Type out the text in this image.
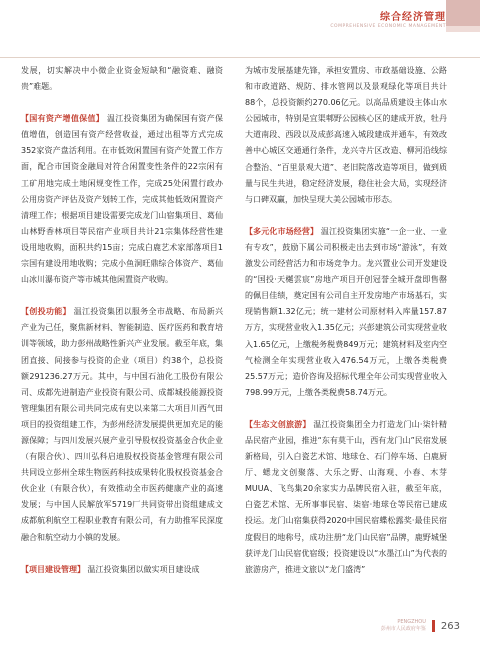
综合经济管理
COMPREHENSIVE ECONOMIC MANAGEMENT

发展，切实解决中小微企业资金短缺和“融资难、融资贵”难题。

【国有资产增值保值】 温江投资集团为确保国有资产保值增值，创造国有资产经营收益，通过出租等方式完成352家资产盘活利用。在市低效闲置国有资产处置工作方面，配合市国资金融局对符合闲置变性条件的22宗闲有工矿用地完成土地闲规变性工作，完成25处闲置行政办公用房资产评估及资产划转工作，完成其他低效闲置资产清理工作；根据项目建设需要完成龙门山宿集项目、葛仙山林野香林项目等民宿产业项目共计21宗集体经营性建设用地收购，面积共约15亩；完成白鹿艺术家部落项目1宗国有建设用地收购；完成小鱼洞旺鼎综合体资产、葛仙山冰川瀑布资产等市城其他闲置资产收购。

【创投功能】 温江投资集团以服务全市战略、布局新兴产业为己任，聚焦新材料、智能制造、医疗医药和教育培训等领域，助力彭州战略性新兴产业发展。截至年底，集团直接、间接参与投资的企业（项目）约38个，总投资额291236.27万元。其中，与中国石油化工股份有限公司、成都先进制造产业投资有限公司、成都城投能源投资管理集团有限公司共同完成有史以来第二大项目川西气田项目的投资组建工作，为彭州经济发展提供更加充足的能源保障；与四川发展兴展产业引导股权投资基金合伙企业（有限合伙）、四川弘科启迪股权投资基金管理有限公司共同设立彭州全球生物医药科技成果转化股权投资基金合伙企业（有限合伙），有效推动全市医药健康产业的高速发展；与中国人民解放军5719厂共同资带出资组建成文成都航利航空工程职业教育有限公司，有力助推军民深度融合和航空动力小镇的发展。

【项目建设管理】 温江投资集团以做实项目建设成

为城市发展基建先锋，承担安置房、市政基础设施、公路和市政道路、规防、排水管网以及景观绿化等项目共计88个，总投资额约270.06亿元。以高品质建设主体山水公园城市，特别是宜渠郫野公园核心区的建成开放，牡丹大道南段、西段以及成彭高速入城段建成并通车，有效改善中心城区交通通行条件，龙兴寺片区改造、柳河沿线综合整治、“百里景观大道”、老旧院落改造等项目，做到质量与民生共进，稳定经济发展，稳住社会大局，实现经济与口碑双赢，加快呈现大美公园城市形态。

【多元化市场经营】 温江投资集团实施“一企一业、一业有专攻”，鼓励下属公司积极走出去到市场“游泳”，有效激发公司经营活力和市场竞争力。龙兴置业公司开发建设的“国投·天樾雲宸”房地产项目开创冠誉全城开盘即售罄的佩目佳绩，奠定国有公司自主开发房地产市场基石，实现销售额1.32亿元；统一建材公司原材料入库量157.87万方，实现营业收入1.35亿元；兴彭建筑公司实现营业收入1.65亿元，上缴税务税费849万元；建筑材料及室内空气检测全年实现营业收入476.54万元，上缴各类税费25.57万元；造价咨询及招标代理全年公司实现营业收入798.99万元，上缴各类税费58.74万元。

【生态文创旅游】 温江投资集团全力打造龙门山·柒针精品民宿产业园，推进“东有莫干山，西有龙门山”民宿发展新格局，引入白瓷艺术馆、地球仓、石门停车场、白鹿厨厅、蟋龙文创聚落、大乐之野、山海观、小春、木芽MUUA、飞鸟集20余家实力品牌民宿入驻，截至年底，白瓷艺术馆、无所事事民宿、柒宿·地球仓等民宿已建成投运。龙门山宿集获得2020中国民宿蝶松露奖·最佳民宿度假目的地称号，成功注册“龙门山民宿”品牌，鹿野城堡获评龙门山民宿优宿级；投资建设以“水墨江山”为代表的旅游房产，推进文旅以“龙门盛湾”

PENGZHOU
彭州市人民政府年鉴 263
